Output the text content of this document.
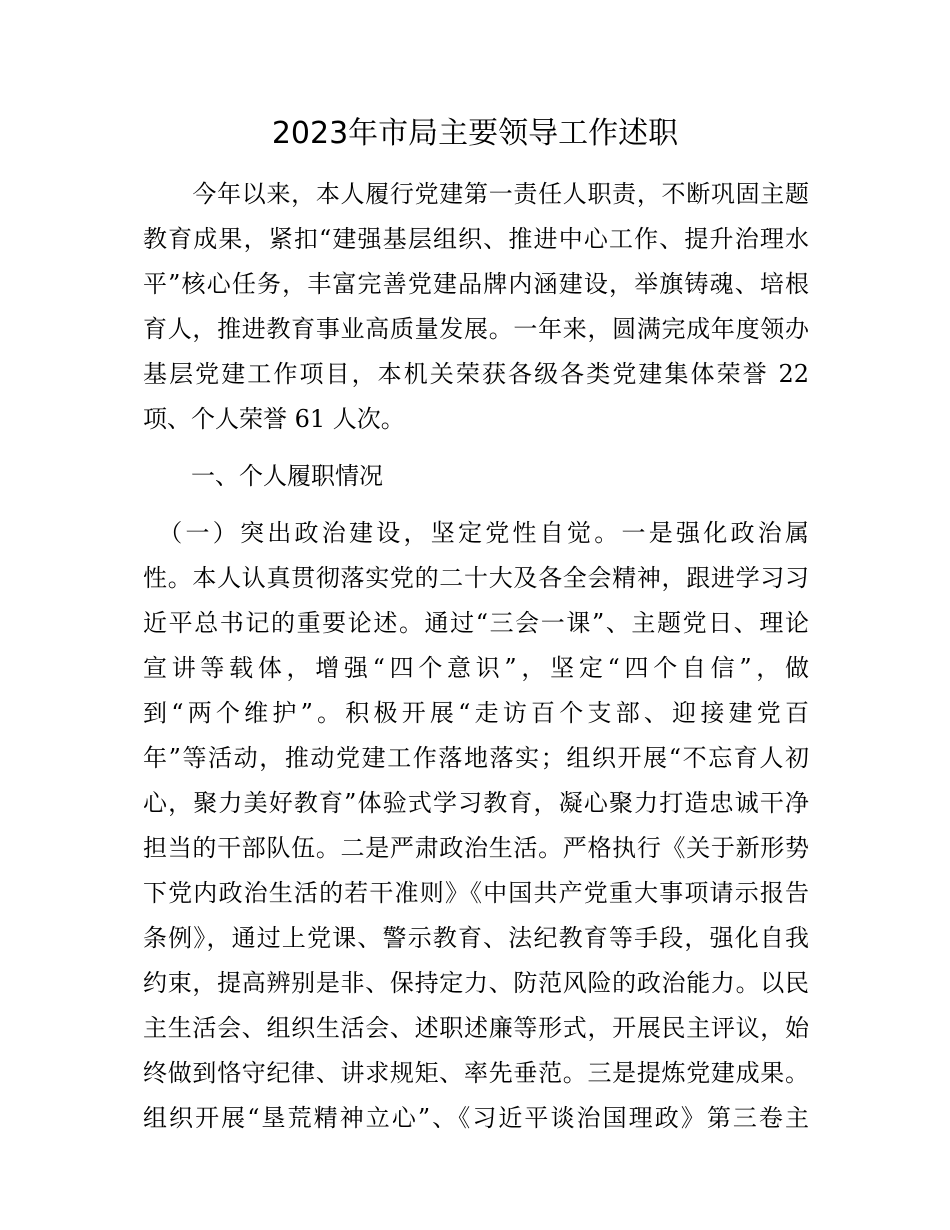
2023年市局主要领导工作述职
　　今年以来，本人履行党建第一责任人职责，不断巩固主题
教育成果，紧扣“建强基层组织、推进中心工作、提升治理水
平”核心任务，丰富完善党建品牌内涵建设，举旗铸魂、培根
育人，推进教育事业高质量发展。一年来，圆满完成年度领办
基层党建工作项目，本机关荣获各级各类党建集体荣誉 22
项、个人荣誉 61 人次。
　　一、个人履职情况
　（一）突出政治建设，坚定党性自觉。一是强化政治属
性。本人认真贯彻落实党的二十大及各全会精神，跟进学习习
近平总书记的重要论述。通过“三会一课”、主题党日、理论
宣讲等载体，增强“四个意识”，坚定“四个自信”，做
到“两个维护”。积极开展“走访百个支部、迎接建党百
年”等活动，推动党建工作落地落实；组织开展“不忘育人初
心，聚力美好教育”体验式学习教育，凝心聚力打造忠诚干净
担当的干部队伍。二是严肃政治生活。严格执行《关于新形势
下党内政治生活的若干准则》《中国共产党重大事项请示报告
条例》，通过上党课、警示教育、法纪教育等手段，强化自我
约束，提高辨别是非、保持定力、防范风险的政治能力。以民
主生活会、组织生活会、述职述廉等形式，开展民主评议，始
终做到恪守纪律、讲求规矩、率先垂范。三是提炼党建成果。
组织开展“垦荒精神立心”、《习近平谈治国理政》第三卷主
